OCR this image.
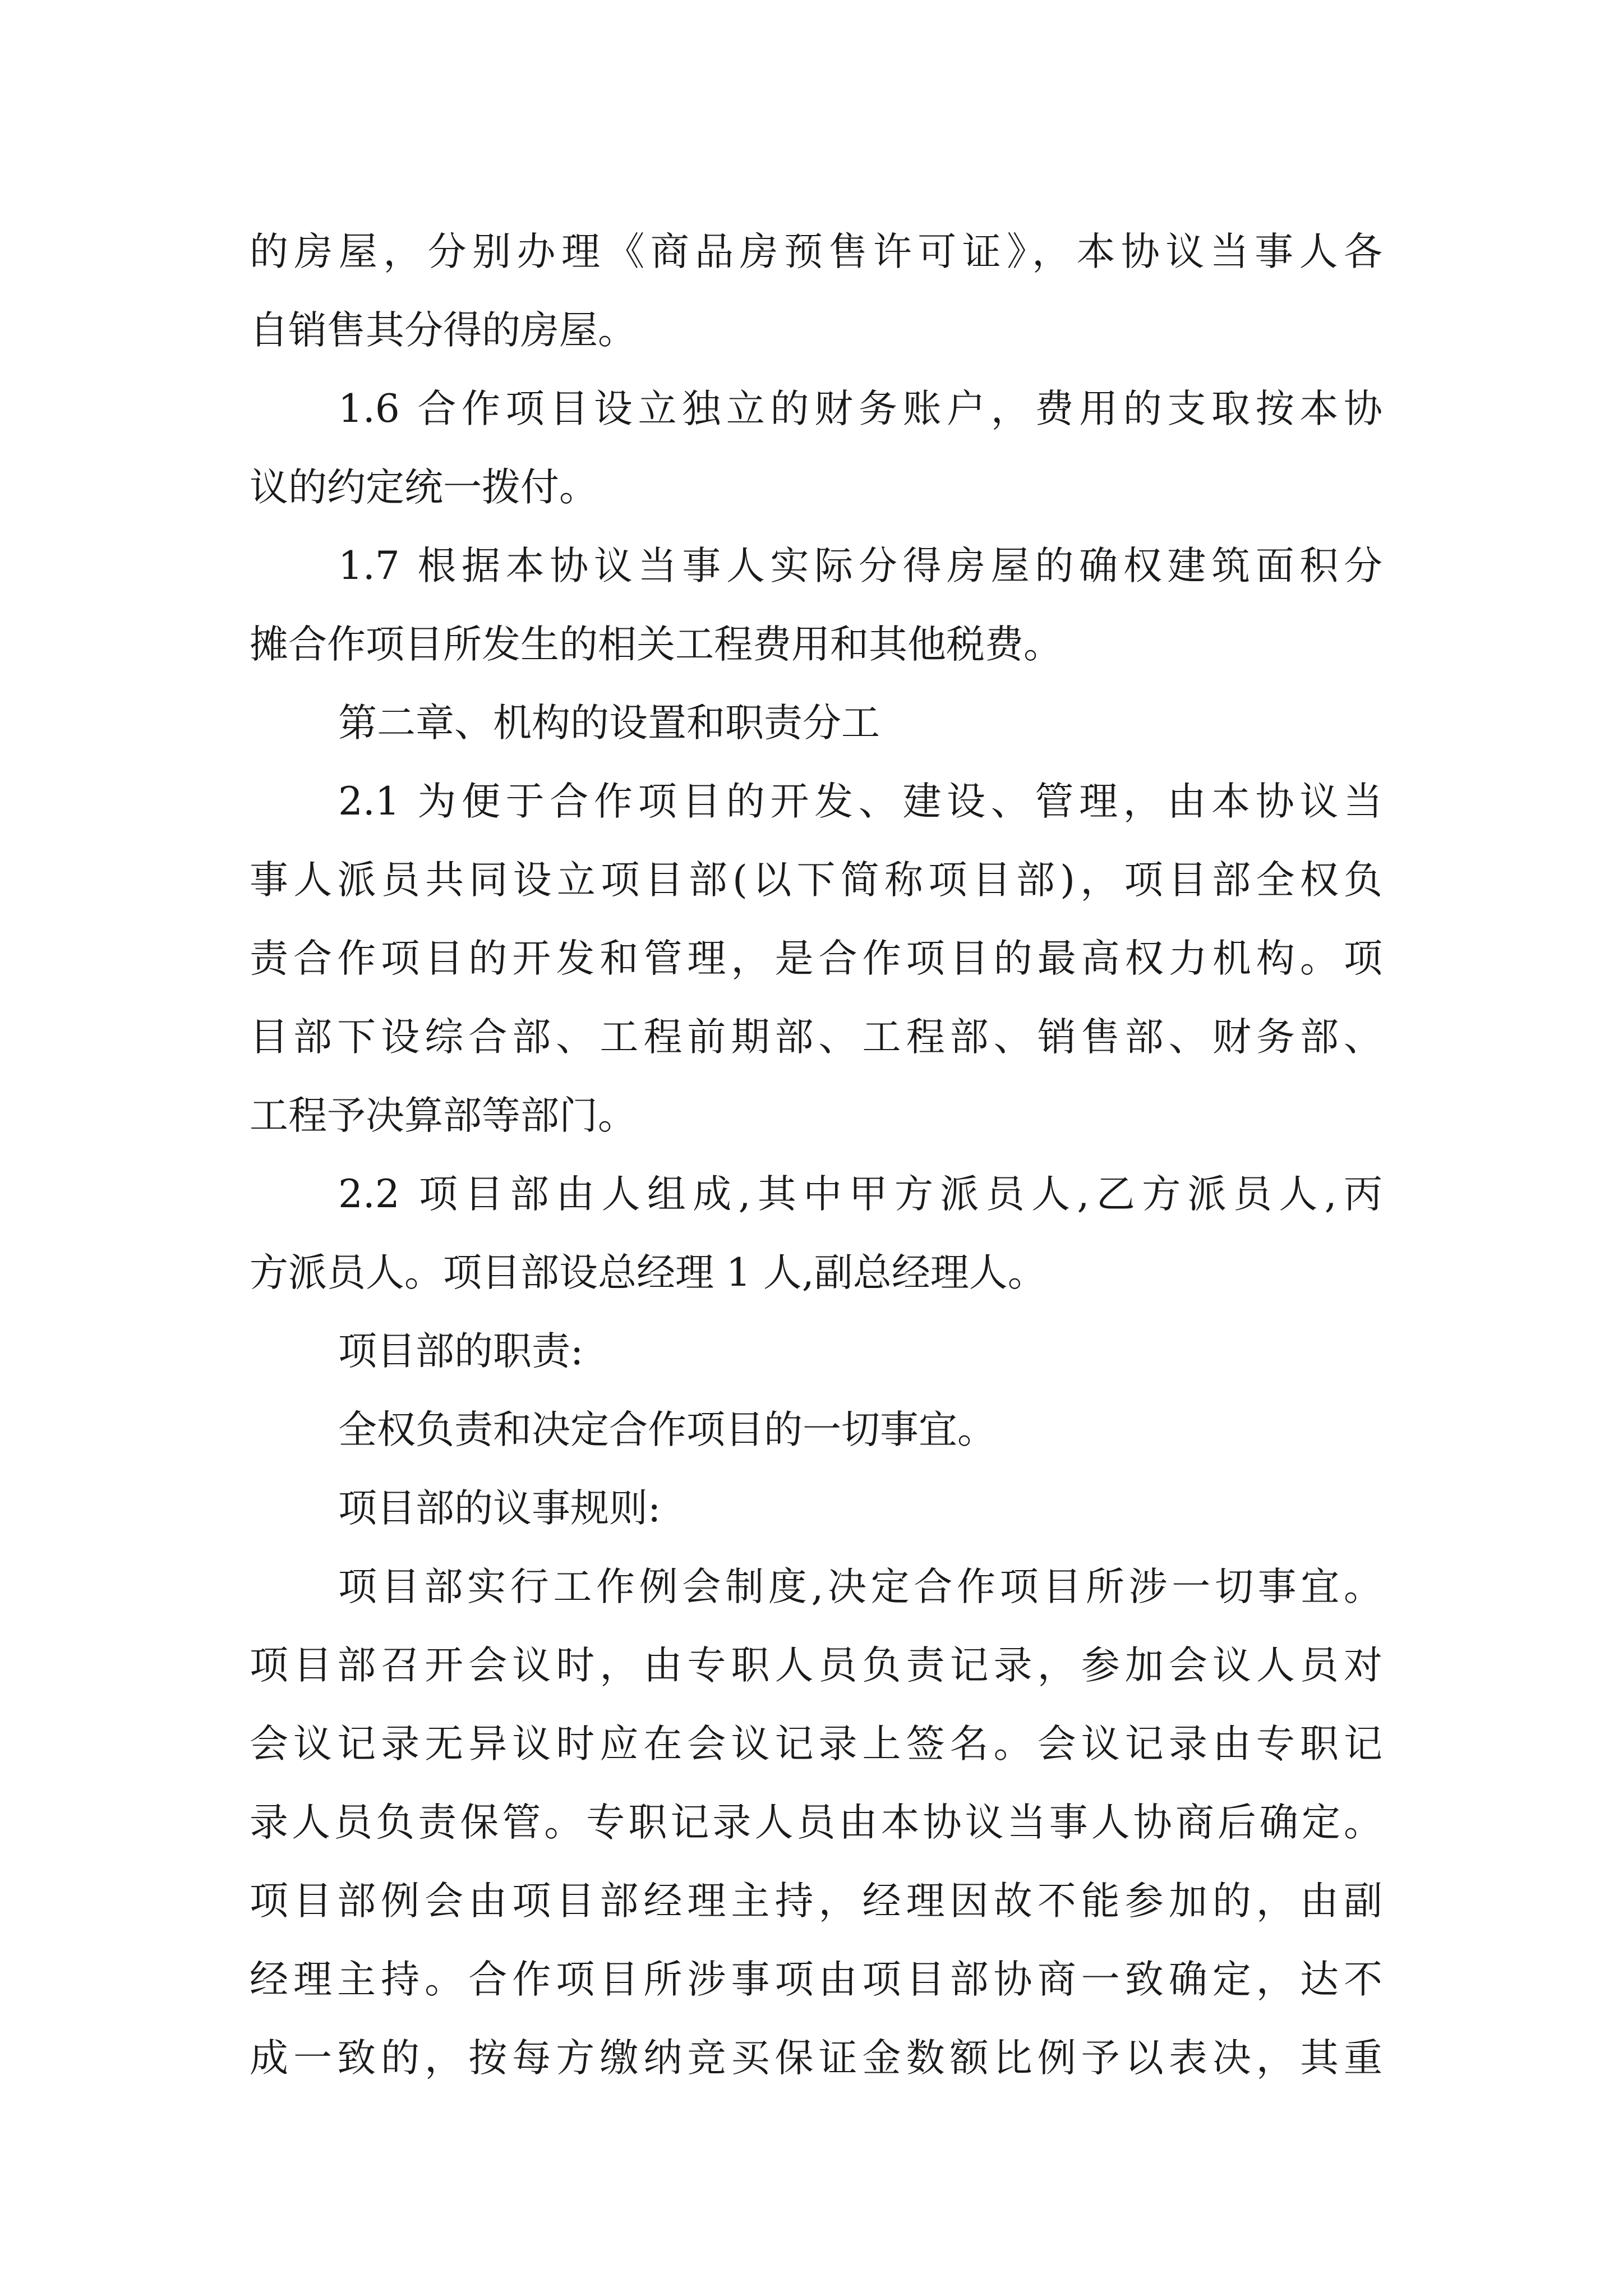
的房屋，分别办理《商品房预售许可证》，本协议当事人各
自销售其分得的房屋。
1.6 合作项目设立独立的财务账户，费用的支取按本协
议的约定统一拨付。
1.7 根据本协议当事人实际分得房屋的确权建筑面积分
摊合作项目所发生的相关工程费用和其他税费。
第二章、机构的设置和职责分工
2.1 为便于合作项目的开发、建设、管理，由本协议当
事人派员共同设立项目部(以下简称项目部)，项目部全权负
责合作项目的开发和管理，是合作项目的最高权力机构。项
目部下设综合部、工程前期部、工程部、销售部、财务部、
工程予决算部等部门。
2.2 项目部由人组成,其中甲方派员人,乙方派员人,丙
方派员人。项目部设总经理 1 人,副总经理人。
项目部的职责:
全权负责和决定合作项目的一切事宜。
项目部的议事规则:
项目部实行工作例会制度,决定合作项目所涉一切事宜。
项目部召开会议时，由专职人员负责记录，参加会议人员对
会议记录无异议时应在会议记录上签名。会议记录由专职记
录人员负责保管。专职记录人员由本协议当事人协商后确定。
项目部例会由项目部经理主持，经理因故不能参加的，由副
经理主持。合作项目所涉事项由项目部协商一致确定，达不
成一致的，按每方缴纳竞买保证金数额比例予以表决，其重
